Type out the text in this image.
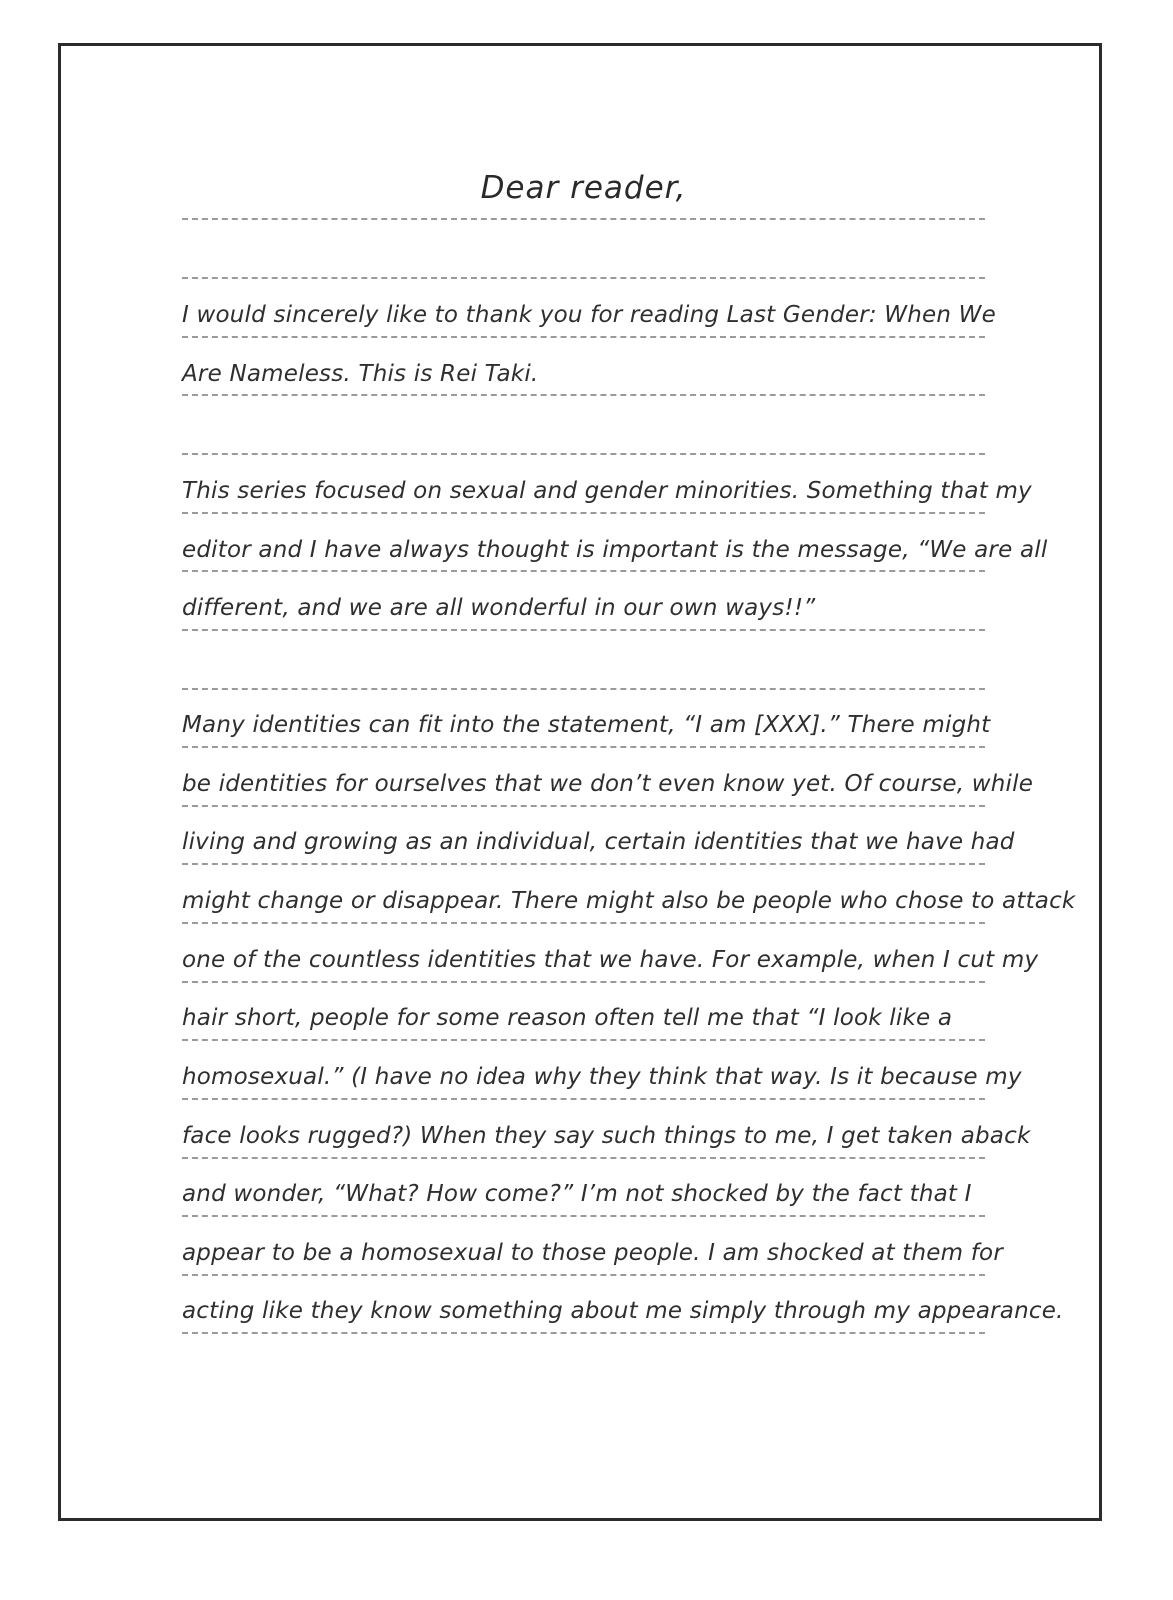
Dear reader,
I would sincerely like to thank you for reading Last Gender: When We
Are Nameless. This is Rei Taki.
This series focused on sexual and gender minorities. Something that my
editor and I have always thought is important is the message, “We are all
different, and we are all wonderful in our own ways!!”
Many identities can fit into the statement, “I am [XXX].” There might
be identities for ourselves that we don’t even know yet. Of course, while
living and growing as an individual, certain identities that we have had
might change or disappear. There might also be people who chose to attack
one of the countless identities that we have. For example, when I cut my
hair short, people for some reason often tell me that “I look like a
homosexual.” (I have no idea why they think that way. Is it because my
face looks rugged?) When they say such things to me, I get taken aback
and wonder, “What? How come?” I’m not shocked by the fact that I
appear to be a homosexual to those people. I am shocked at them for
acting like they know something about me simply through my appearance.
